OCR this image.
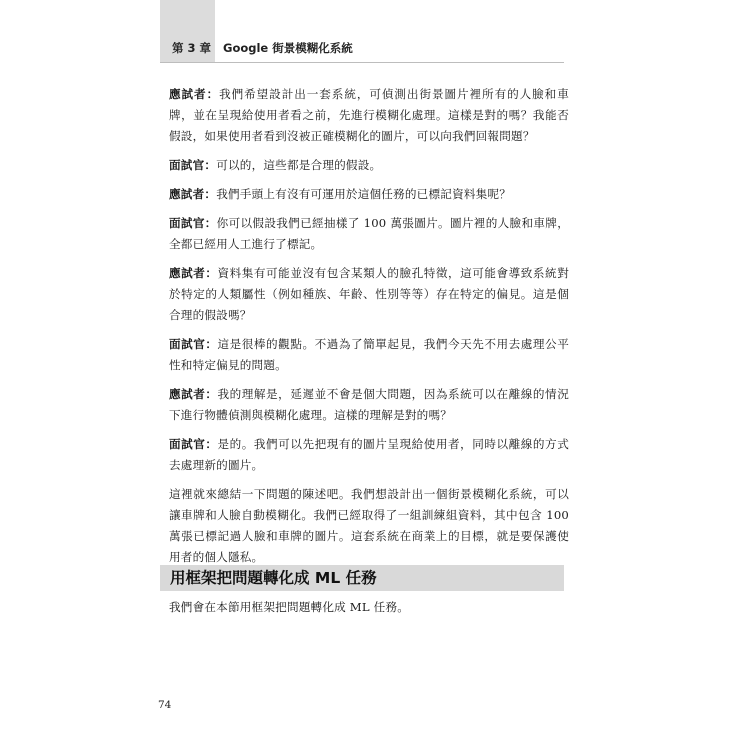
第 3 章 Google 街景模糊化系統

應試者：我們希望設計出一套系統，可偵測出街景圖片裡所有的人臉和車牌，並在呈現給使用者看之前，先進行模糊化處理。這樣是對的嗎？我能否假設，如果使用者看到沒被正確模糊化的圖片，可以向我們回報問題？

面試官：可以的，這些都是合理的假設。

應試者：我們手頭上有沒有可運用於這個任務的已標記資料集呢？

面試官：你可以假設我們已經抽樣了 100 萬張圖片。圖片裡的人臉和車牌，全都已經用人工進行了標記。

應試者：資料集有可能並沒有包含某類人的臉孔特徵，這可能會導致系統對於特定的人類屬性（例如種族、年齡、性別等等）存在特定的偏見。這是個合理的假設嗎？

面試官：這是很棒的觀點。不過為了簡單起見，我們今天先不用去處理公平性和特定偏見的問題。

應試者：我的理解是，延遲並不會是個大問題，因為系統可以在離線的情況下進行物體偵測與模糊化處理。這樣的理解是對的嗎？

面試官：是的。我們可以先把現有的圖片呈現給使用者，同時以離線的方式去處理新的圖片。

這裡就來總結一下問題的陳述吧。我們想設計出一個街景模糊化系統，可以讓車牌和人臉自動模糊化。我們已經取得了一組訓練組資料，其中包含 100 萬張已標記過人臉和車牌的圖片。這套系統在商業上的目標，就是要保護使用者的個人隱私。

用框架把問題轉化成 ML 任務
我們會在本節用框架把問題轉化成 ML 任務。
74
